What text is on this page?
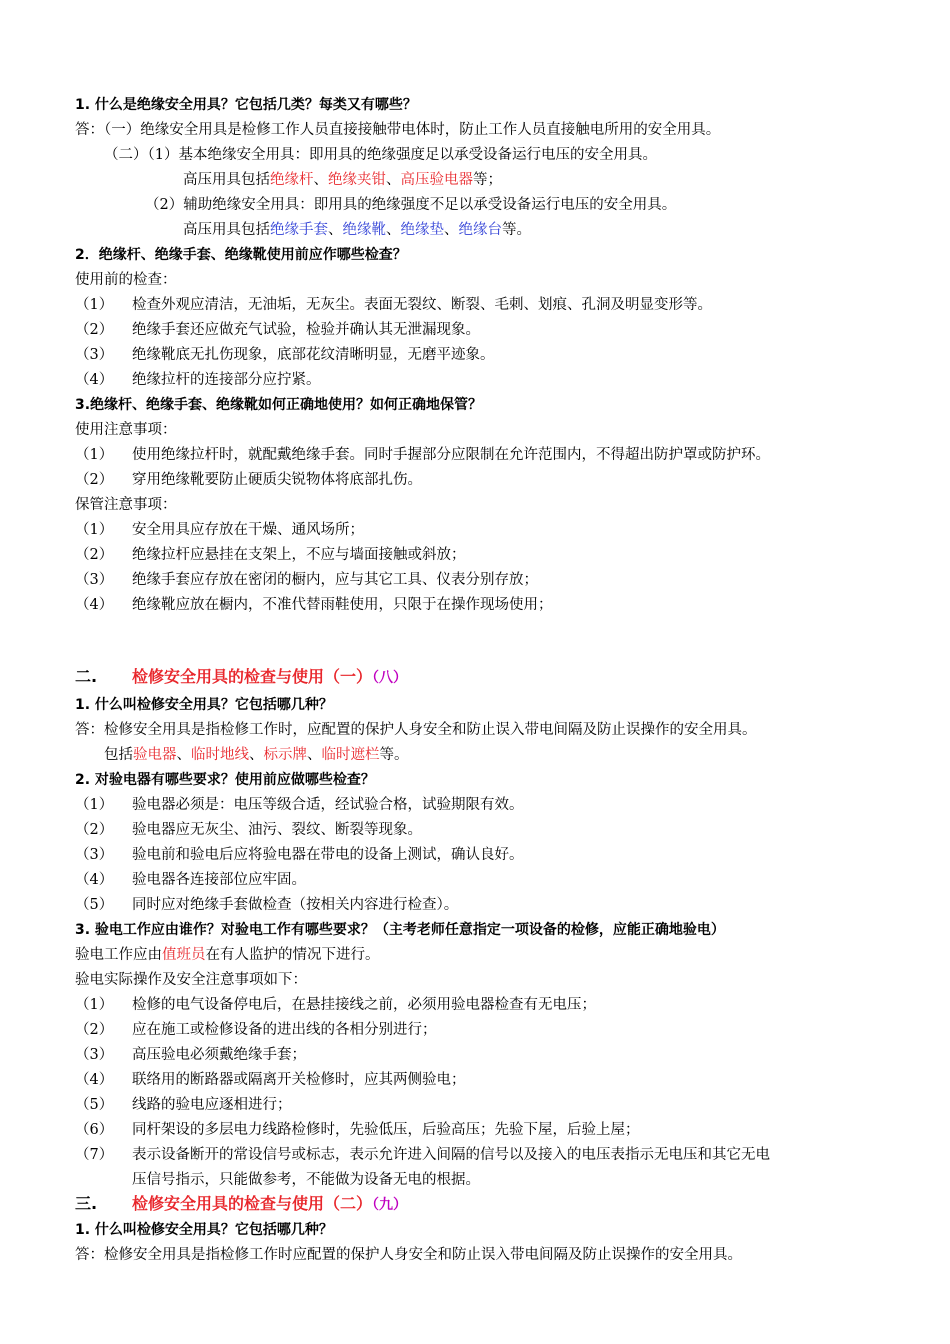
1. 什么是绝缘安全用具？它包括几类？每类又有哪些？
答：（一）绝缘安全用具是检修工作人员直接接触带电体时，防止工作人员直接触电所用的安全用具。
（二）（1）基本绝缘安全用具：即用具的绝缘强度足以承受设备运行电压的安全用具。
高压用具包括绝缘杆、绝缘夹钳、高压验电器等；
（2）辅助绝缘安全用具：即用具的绝缘强度不足以承受设备运行电压的安全用具。
高压用具包括绝缘手套、绝缘靴、绝缘垫、绝缘台等。
2．绝缘杆、绝缘手套、绝缘靴使用前应作哪些检查？
使用前的检查：
（1） 检查外观应清洁，无油垢，无灰尘。表面无裂纹、断裂、毛刺、划痕、孔洞及明显变形等。
（2） 绝缘手套还应做充气试验，检验并确认其无泄漏现象。
（3） 绝缘靴底无扎伤现象，底部花纹清晰明显，无磨平迹象。
（4） 绝缘拉杆的连接部分应拧紧。
3.绝缘杆、绝缘手套、绝缘靴如何正确地使用？如何正确地保管？
使用注意事项：
（1） 使用绝缘拉杆时，就配戴绝缘手套。同时手握部分应限制在允许范围内，不得超出防护罩或防护环。
（2） 穿用绝缘靴要防止硬质尖锐物体将底部扎伤。
保管注意事项：
（1） 安全用具应存放在干燥、通风场所；
（2） 绝缘拉杆应悬挂在支架上，不应与墙面接触或斜放；
（3） 绝缘手套应存放在密闭的橱内，应与其它工具、仪表分别存放；
（4） 绝缘靴应放在橱内，不准代替雨鞋使用，只限于在操作现场使用；
二. 检修安全用具的检查与使用（一）（八）
1. 什么叫检修安全用具？它包括哪几种？
答：检修安全用具是指检修工作时，应配置的保护人身安全和防止误入带电间隔及防止误操作的安全用具。
包括验电器、临时地线、标示牌、临时遮栏等。
2. 对验电器有哪些要求？使用前应做哪些检查？
（1） 验电器必须是：电压等级合适，经试验合格，试验期限有效。
（2） 验电器应无灰尘、油污、裂纹、断裂等现象。
（3） 验电前和验电后应将验电器在带电的设备上测试，确认良好。
（4） 验电器各连接部位应牢固。
（5） 同时应对绝缘手套做检查（按相关内容进行检查）。
3. 验电工作应由谁作？对验电工作有哪些要求？（主考老师任意指定一项设备的检修，应能正确地验电）
验电工作应由值班员在有人监护的情况下进行。
验电实际操作及安全注意事项如下：
（1） 检修的电气设备停电后，在悬挂接线之前，必须用验电器检查有无电压；
（2） 应在施工或检修设备的进出线的各相分别进行；
（3） 高压验电必须戴绝缘手套；
（4） 联络用的断路器或隔离开关检修时，应其两侧验电；
（5） 线路的验电应逐相进行；
（6） 同杆架设的多层电力线路检修时，先验低压，后验高压；先验下屋，后验上屋；
（7） 表示设备断开的常设信号或标志，表示允许进入间隔的信号以及接入的电压表指示无电压和其它无电
压信号指示，只能做参考，不能做为设备无电的根据。
三. 检修安全用具的检查与使用（二）（九）
1. 什么叫检修安全用具？它包括哪几种？
答：检修安全用具是指检修工作时应配置的保护人身安全和防止误入带电间隔及防止误操作的安全用具。
